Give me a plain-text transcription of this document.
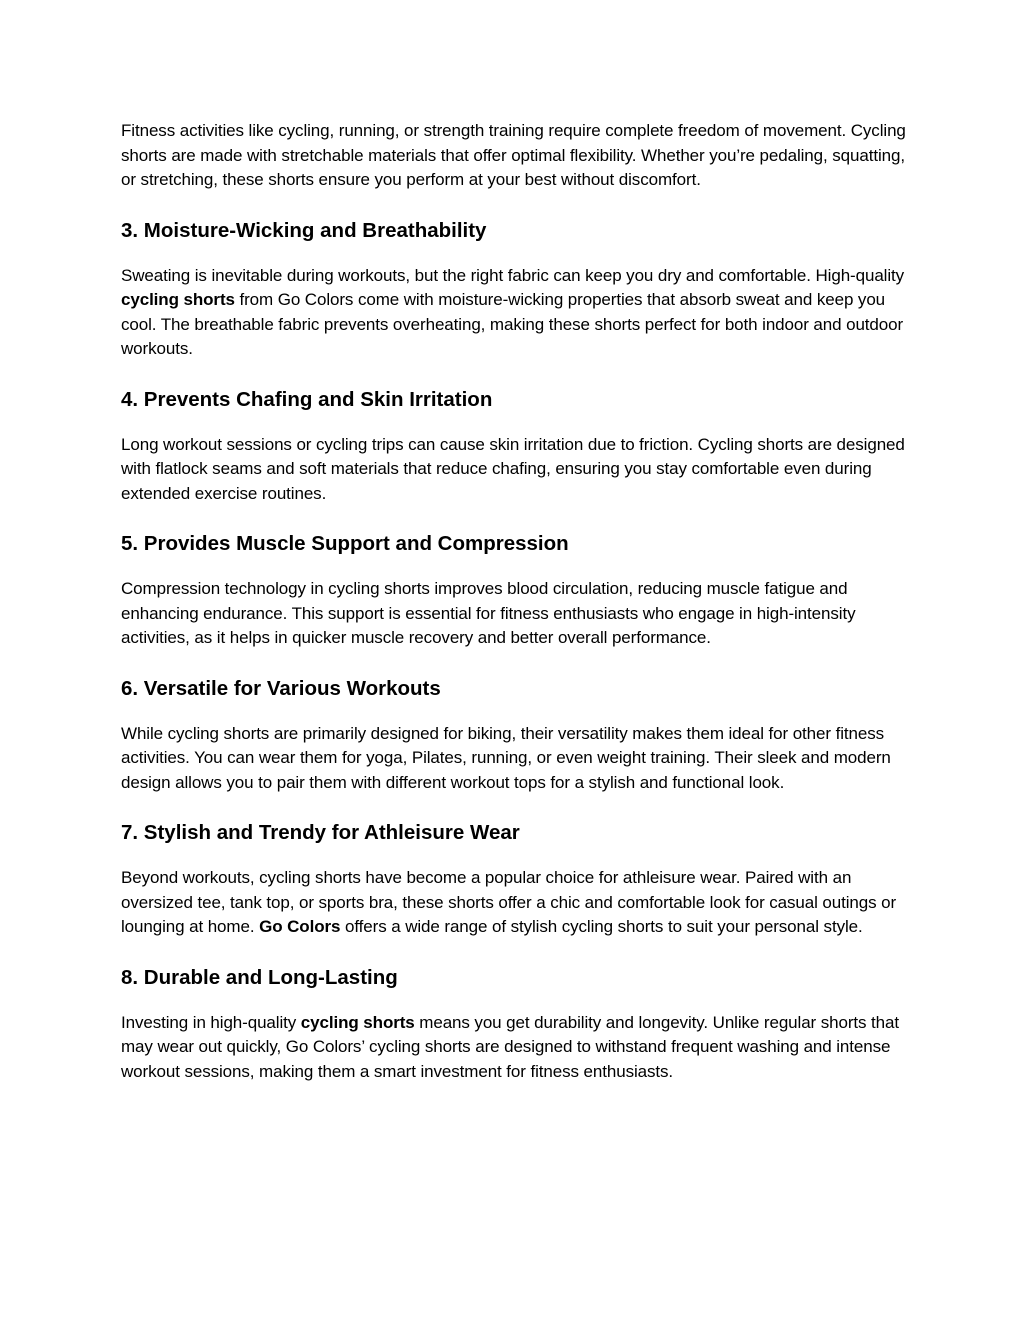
Fitness activities like cycling, running, or strength training require complete freedom of movement. Cycling shorts are made with stretchable materials that offer optimal flexibility. Whether you’re pedaling, squatting, or stretching, these shorts ensure you perform at your best without discomfort.

3. Moisture-Wicking and Breathability

Sweating is inevitable during workouts, but the right fabric can keep you dry and comfortable. High-quality cycling shorts from Go Colors come with moisture-wicking properties that absorb sweat and keep you cool. The breathable fabric prevents overheating, making these shorts perfect for both indoor and outdoor workouts.

4. Prevents Chafing and Skin Irritation

Long workout sessions or cycling trips can cause skin irritation due to friction. Cycling shorts are designed with flatlock seams and soft materials that reduce chafing, ensuring you stay comfortable even during extended exercise routines.

5. Provides Muscle Support and Compression

Compression technology in cycling shorts improves blood circulation, reducing muscle fatigue and enhancing endurance. This support is essential for fitness enthusiasts who engage in high-intensity activities, as it helps in quicker muscle recovery and better overall performance.

6. Versatile for Various Workouts

While cycling shorts are primarily designed for biking, their versatility makes them ideal for other fitness activities. You can wear them for yoga, Pilates, running, or even weight training. Their sleek and modern design allows you to pair them with different workout tops for a stylish and functional look.

7. Stylish and Trendy for Athleisure Wear

Beyond workouts, cycling shorts have become a popular choice for athleisure wear. Paired with an oversized tee, tank top, or sports bra, these shorts offer a chic and comfortable look for casual outings or lounging at home. Go Colors offers a wide range of stylish cycling shorts to suit your personal style.

8. Durable and Long-Lasting

Investing in high-quality cycling shorts means you get durability and longevity. Unlike regular shorts that may wear out quickly, Go Colors’ cycling shorts are designed to withstand frequent washing and intense workout sessions, making them a smart investment for fitness enthusiasts.
